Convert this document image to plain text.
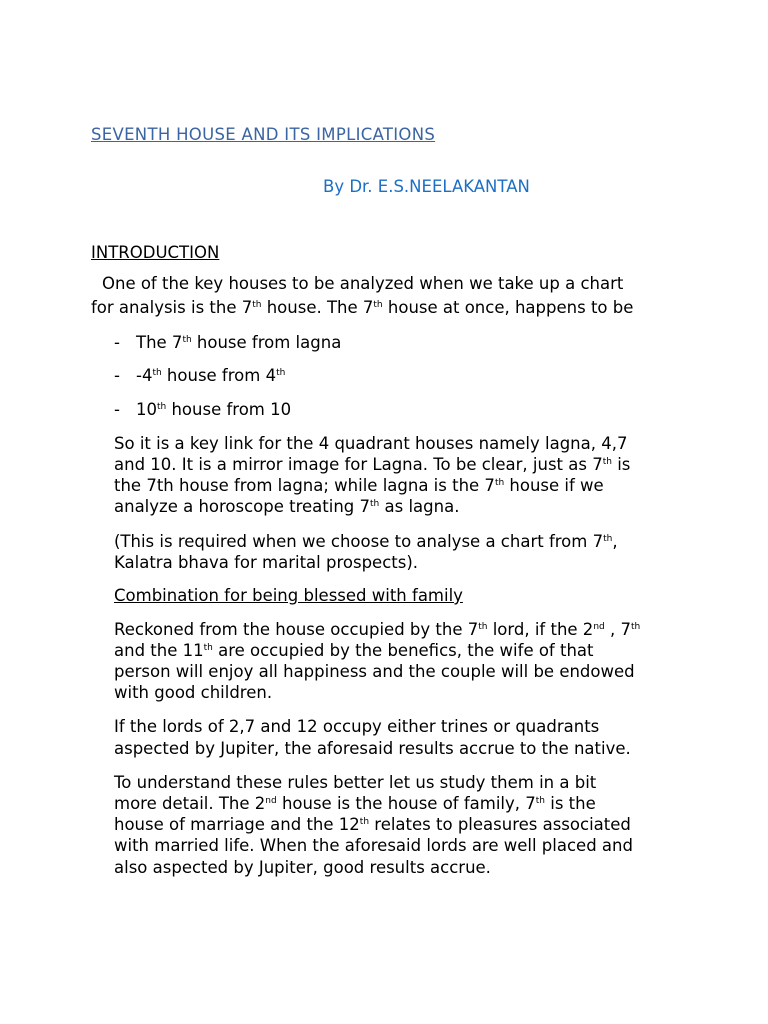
SEVENTH HOUSE AND ITS IMPLICATIONS
By Dr. E.S.NEELAKANTAN
INTRODUCTION
One of the key houses to be analyzed when we take up a chart
for analysis is the 7th house. The 7th house at once, happens to be
- The 7th house from lagna
- -4th house from 4th
- 10th house from 10
So it is a key link for the 4 quadrant houses namely lagna, 4,7
and 10. It is a mirror image for Lagna. To be clear, just as 7th is
the 7th house from lagna; while lagna is the 7th house if we
analyze a horoscope treating 7th as lagna.
(This is required when we choose to analyse a chart from 7th,
Kalatra bhava for marital prospects).
Combination for being blessed with family
Reckoned from the house occupied by the 7th lord, if the 2nd , 7th
and the 11th are occupied by the benefics, the wife of that
person will enjoy all happiness and the couple will be endowed
with good children.
If the lords of 2,7 and 12 occupy either trines or quadrants
aspected by Jupiter, the aforesaid results accrue to the native.
To understand these rules better let us study them in a bit
more detail. The 2nd house is the house of family, 7th is the
house of marriage and the 12th relates to pleasures associated
with married life. When the aforesaid lords are well placed and
also aspected by Jupiter, good results accrue.
